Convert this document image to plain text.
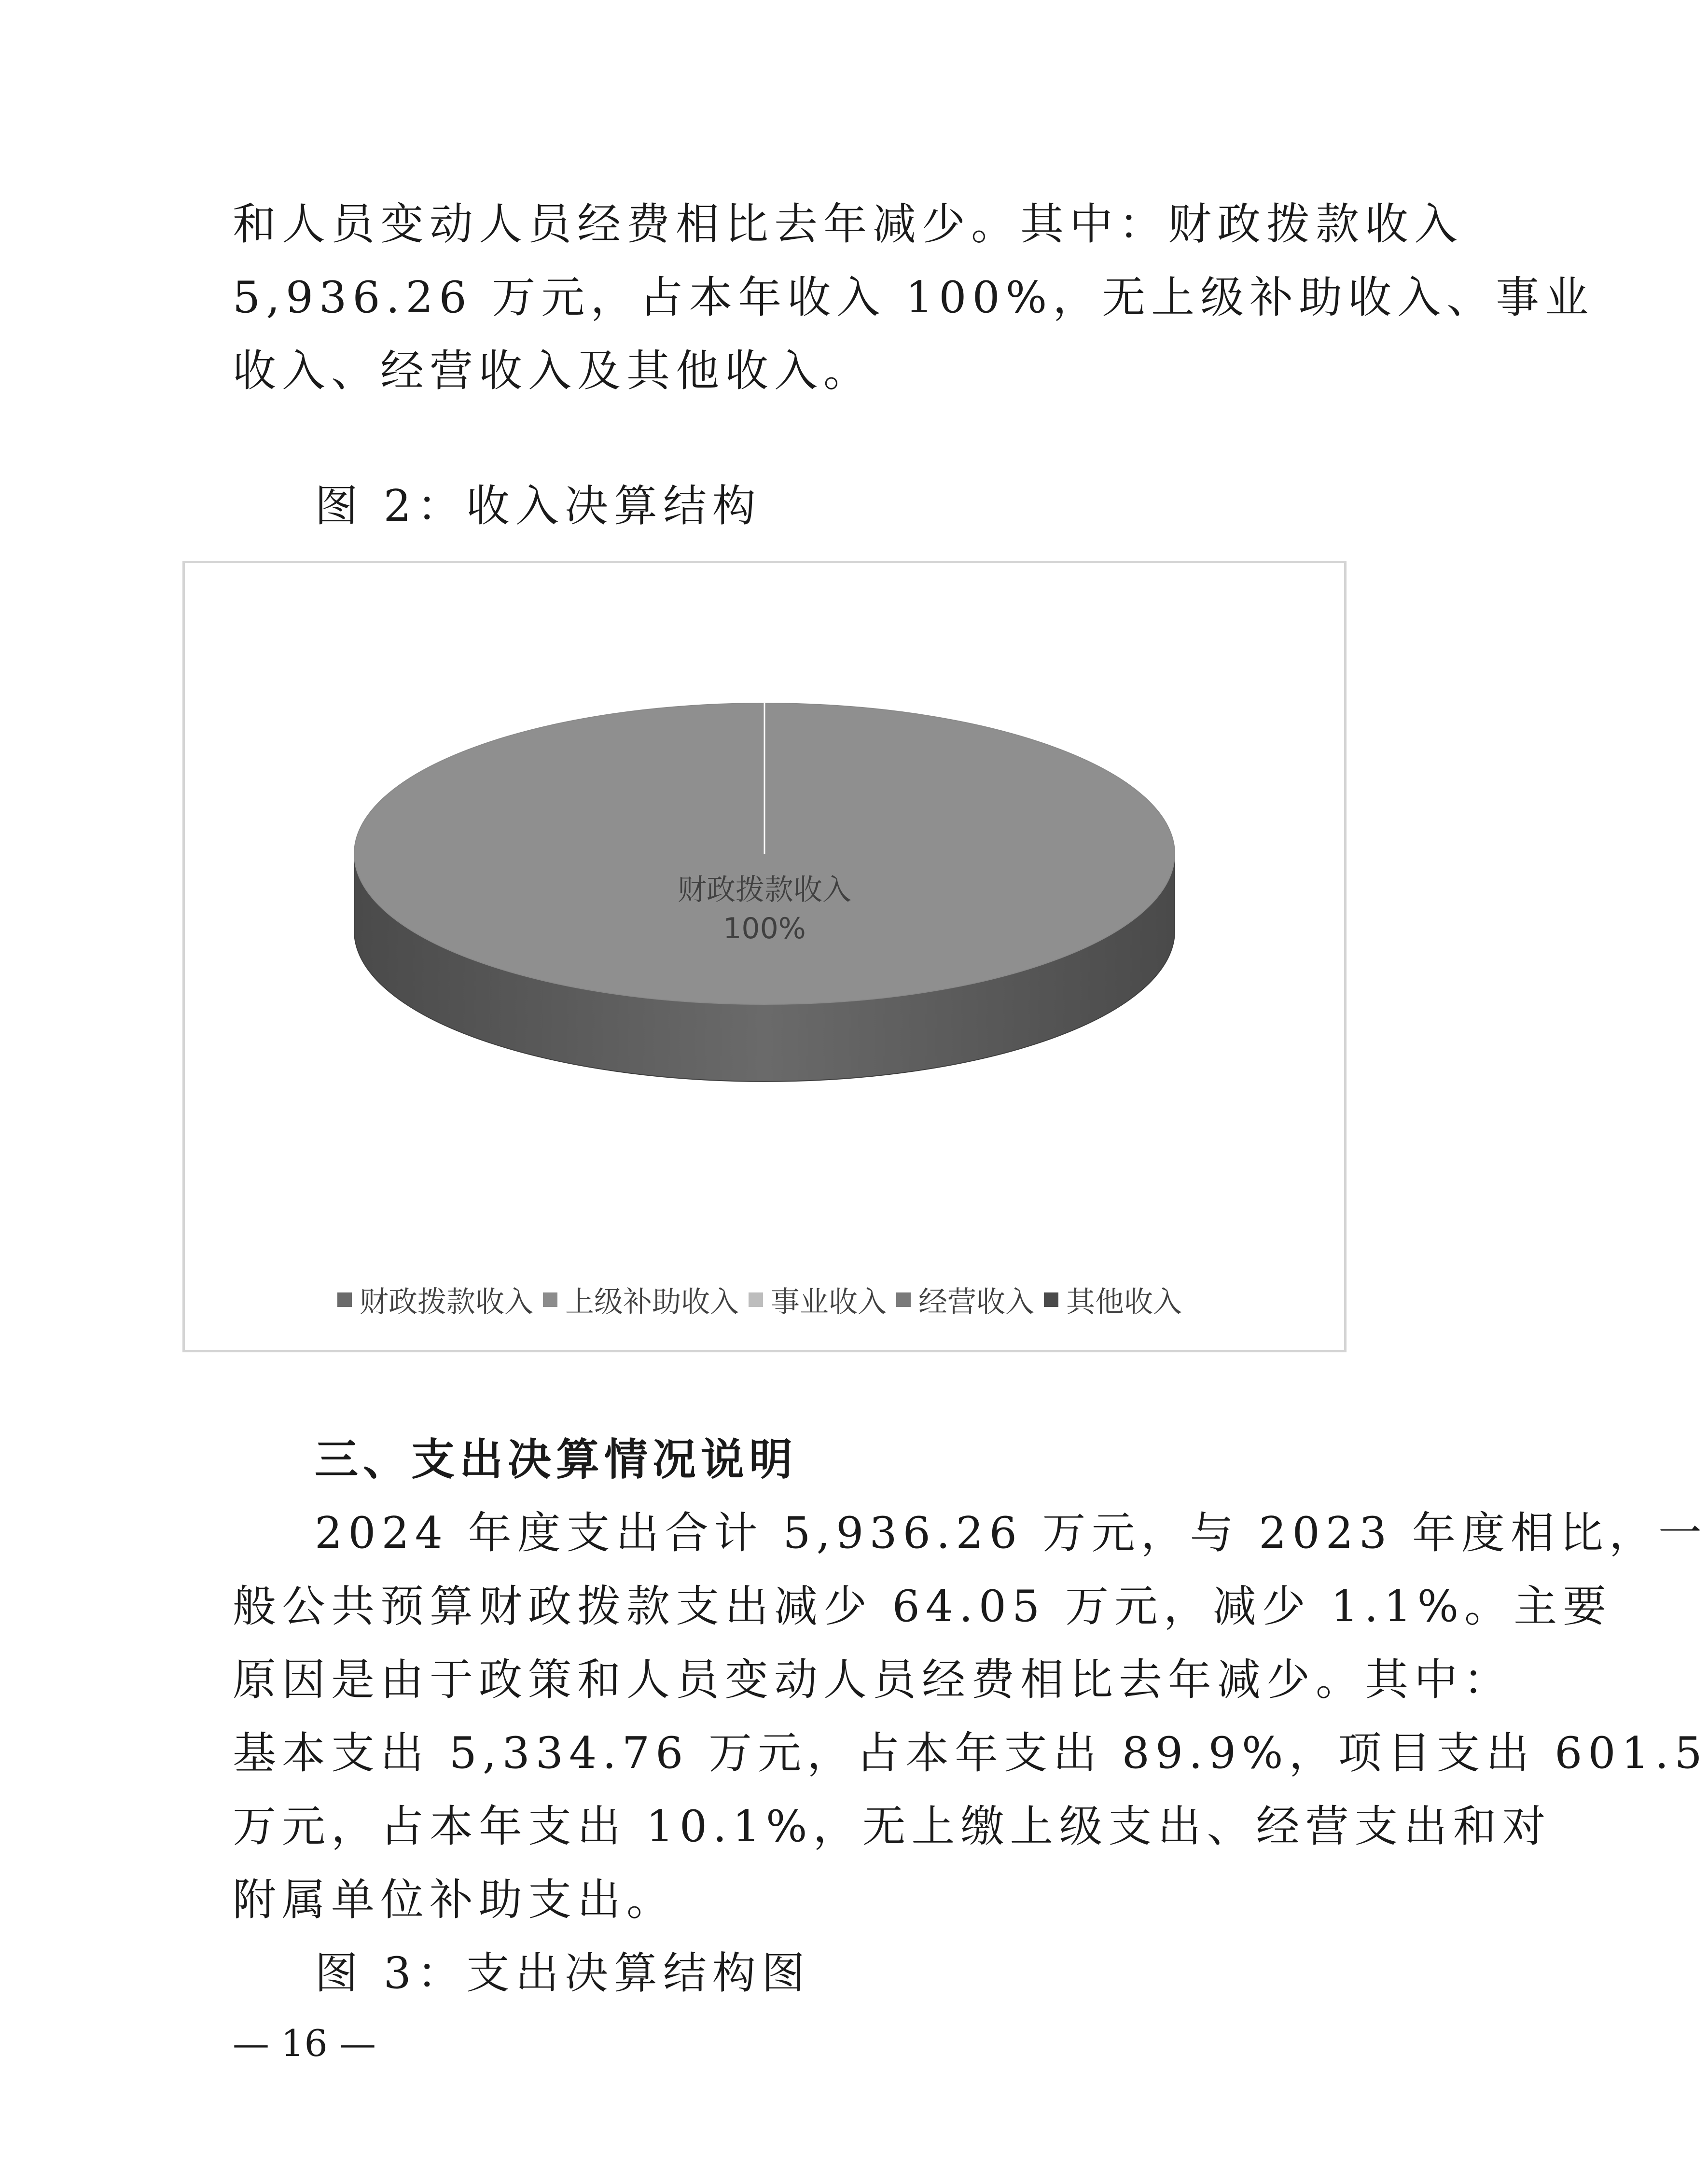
和人员变动人员经费相比去年减少。其中：财政拨款收入

5,936.26 万元，占本年收入 100%，无上级补助收入、事业

收入、经营收入及其他收入。

图 2：收入决算结构

财政拨款收入
100%
财政拨款收入 上级补助收入 事业收入 经营收入 其他收入

三、支出决算情况说明

2024 年度支出合计 5,936.26 万元，与 2023 年度相比，一

般公共预算财政拨款支出减少 64.05 万元，减少 1.1%。主要

原因是由于政策和人员变动人员经费相比去年减少。其中：

基本支出 5,334.76 万元，占本年支出 89.9%，项目支出 601.5

万元，占本年支出 10.1%，无上缴上级支出、经营支出和对

附属单位补助支出。

图 3：支出决算结构图

— 16 —
